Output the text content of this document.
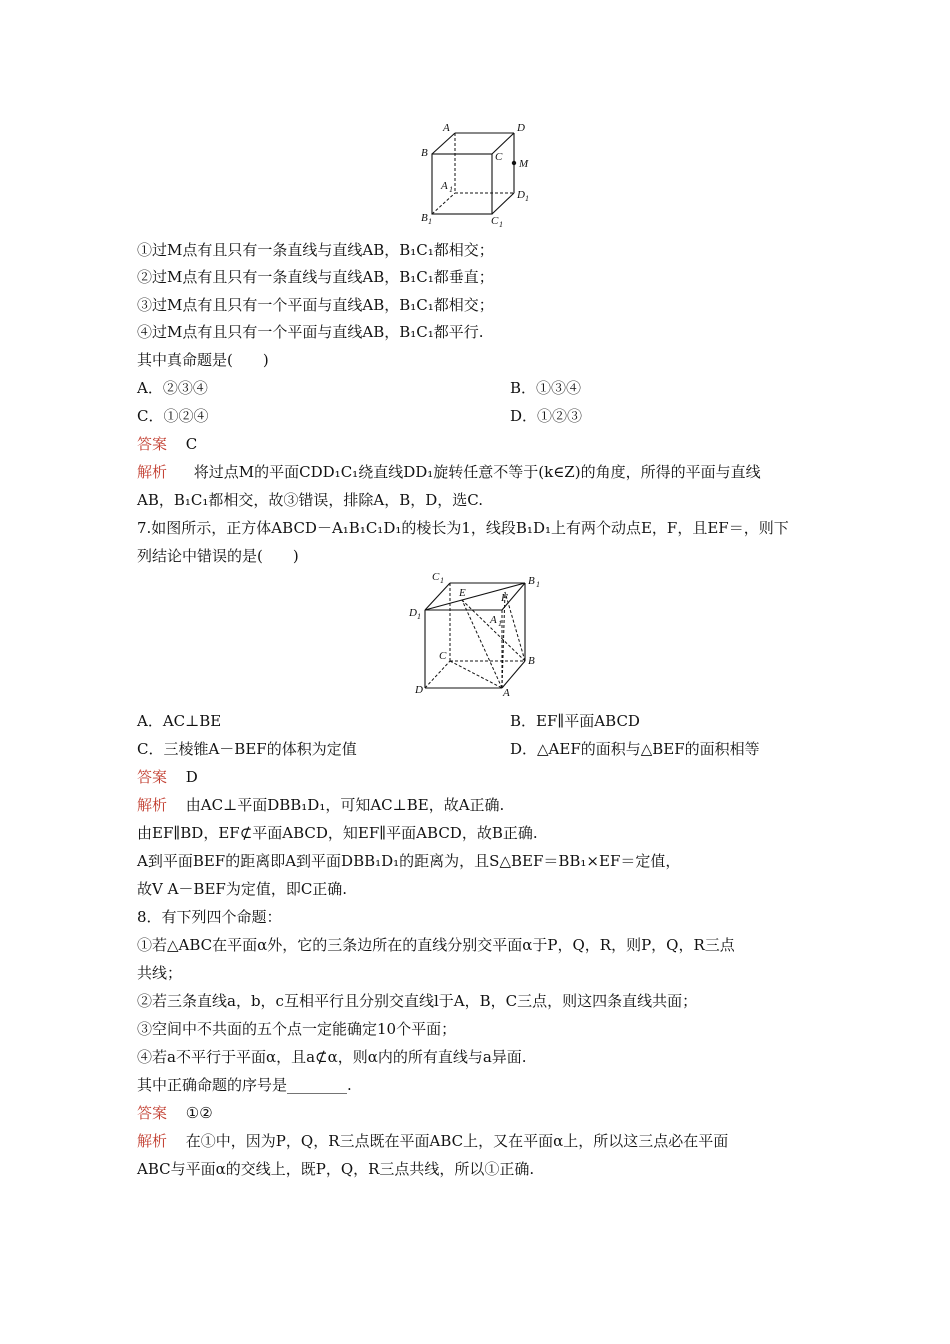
A	D
B	C
M
A 1	D 1
B 1	C 1
①过M点有且只有一条直线与直线AB，B₁C₁都相交；
②过M点有且只有一条直线与直线AB，B₁C₁都垂直；
③过M点有且只有一个平面与直线AB，B₁C₁都相交；
④过M点有且只有一个平面与直线AB，B₁C₁都平行.
其中真命题是(　　)
A．②③④	B．①③④
C．①②④	D．①②③
答案 C
解析 将过点M的平面CDD₁C₁绕直线DD₁旋转任意不等于(k∈Z)的角度，所得的平面与直线
AB，B₁C₁都相交，故③错误，排除A，B，D，选C.
7.如图所示，正方体ABCD－A₁B₁C₁D₁的棱长为1，线段B₁D₁上有两个动点E，F，且EF＝，则下
列结论中错误的是(　　)
C 1	B 1
E	F
D 1	A 1
C	B
D	A
A．AC⊥BE	B．EF∥平面ABCD
C．三棱锥A－BEF的体积为定值	D．△AEF的面积与△BEF的面积相等
答案 D
解析 由AC⊥平面DBB₁D₁，可知AC⊥BE，故A正确.
由EF∥BD，EF⊄平面ABCD，知EF∥平面ABCD，故B正确.
A到平面BEF的距离即A到平面DBB₁D₁的距离为，且S△BEF＝BB₁×EF＝定值，
故V A－BEF为定值，即C正确.
8．有下列四个命题：
①若△ABC在平面α外，它的三条边所在的直线分别交平面α于P，Q，R，则P，Q，R三点
共线；
②若三条直线a，b，c互相平行且分别交直线l于A，B，C三点，则这四条直线共面；
③空间中不共面的五个点一定能确定10个平面；
④若a不平行于平面α，且a⊄α，则α内的所有直线与a异面.
其中正确命题的序号是________.
答案 ①②
解析 在①中，因为P，Q，R三点既在平面ABC上，又在平面α上，所以这三点必在平面
ABC与平面α的交线上，既P，Q，R三点共线，所以①正确.
